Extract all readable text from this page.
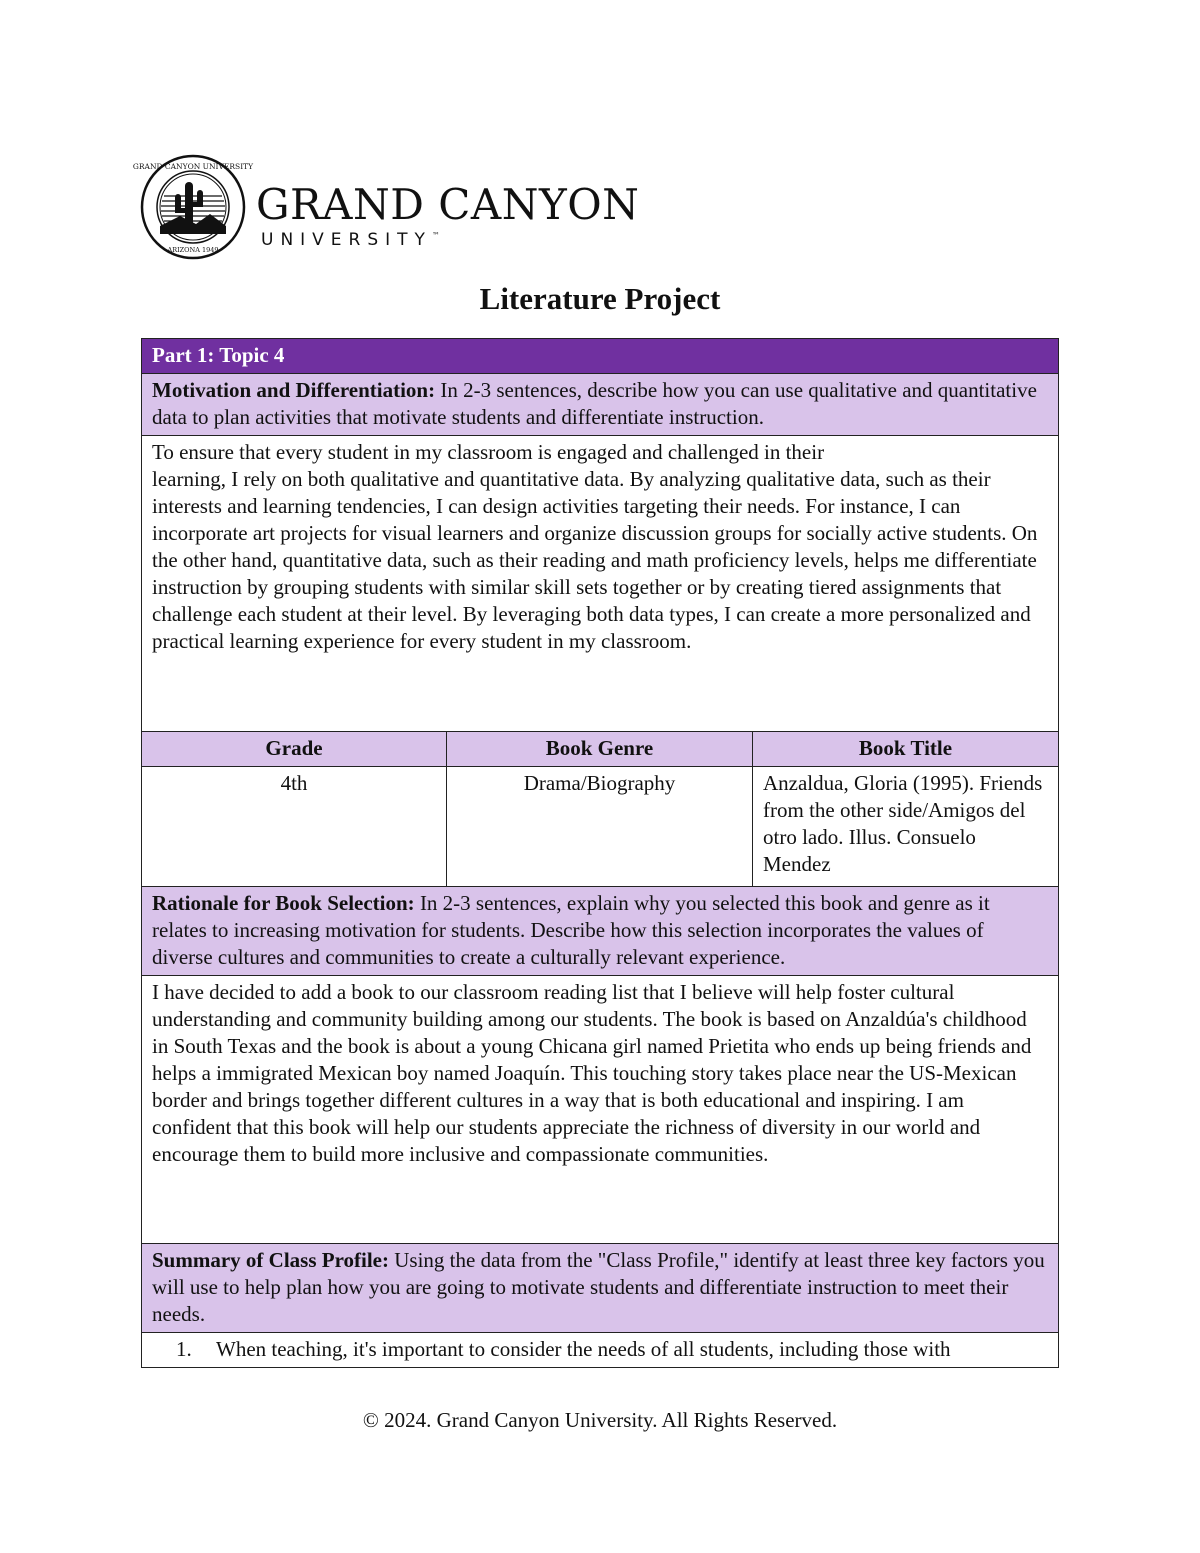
GRAND CANYON UNIVERSITY
ARIZONA 1949
GRAND CANYON
UNIVERSITY™
Literature Project
Part 1: Topic 4		
Motivation and Differentiation: In 2-3 sentences, describe how you can use qualitative and quantitative data to plan activities that motivate students and differentiate instruction.		
To ensure that every student in my classroom is engaged and challenged in their
learning, I rely on both qualitative and quantitative data. By analyzing qualitative data, such as their interests and learning tendencies, I can design activities targeting their needs. For instance, I can incorporate art projects for visual learners and organize discussion groups for socially active students. On the other hand, quantitative data, such as their reading and math proficiency levels, helps me differentiate instruction by grouping students with similar skill sets together or by creating tiered assignments that challenge each student at their level. By leveraging both data types, I can create a more personalized and practical learning experience for every student in my classroom.		
Grade	Book Genre	Book Title
4th	Drama/Biography	Anzaldua, Gloria (1995). Friends from the other side/Amigos del otro lado. Illus. Consuelo Mendez
Rationale for Book Selection: In 2-3 sentences, explain why you selected this book and genre as it relates to increasing motivation for students. Describe how this selection incorporates the values of diverse cultures and communities to create a culturally relevant experience.		
I have decided to add a book to our classroom reading list that I believe will help foster cultural understanding and community building among our students. The book is based on Anzaldúa's childhood in South Texas and the book is about a young Chicana girl named Prietita who ends up being friends and helps a immigrated Mexican boy named Joaquín. This touching story takes place near the US-Mexican border and brings together different cultures in a way that is both educational and inspiring. I am confident that this book will help our students appreciate the richness of diversity in our world and encourage them to build more inclusive and compassionate communities.		
Summary of Class Profile: Using the data from the "Class Profile," identify at least three key factors you will use to help plan how you are going to motivate students and differentiate instruction to meet their needs.		
1. When teaching, it's important to consider the needs of all students, including those with		
© 2024. Grand Canyon University. All Rights Reserved.
